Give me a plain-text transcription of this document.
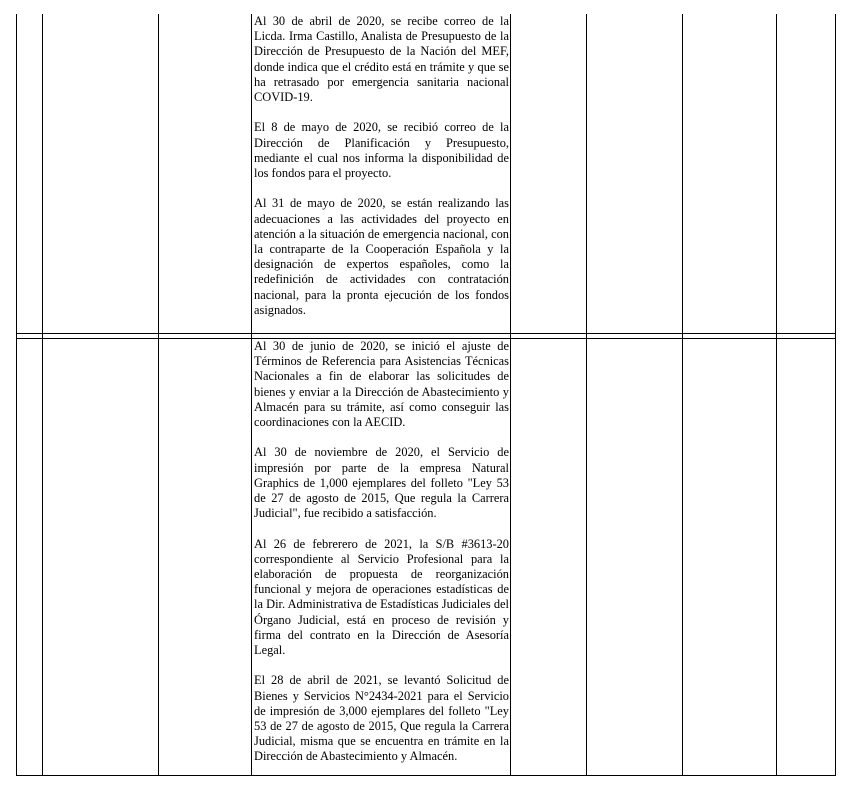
Al 30 de abril de 2020, se recibe correo de la Licda. Irma Castillo, Analista de Presupuesto de la Dirección de Presupuesto de la Nación del MEF, donde indica que el crédito está en trámite y que se ha retrasado por emergencia sanitaria nacional COVID-19.

El 8 de mayo de 2020, se recibió correo de la Dirección de Planificación y Presupuesto, mediante el cual nos informa la disponibilidad de los fondos para el proyecto.

Al 31 de mayo de 2020, se están realizando las adecuaciones a las actividades del proyecto en atención a la situación de emergencia nacional, con la contraparte de la Cooperación Española y la designación de expertos españoles, como la redefinición de actividades con contratación nacional, para la pronta ejecución de los fondos asignados.

Al 30 de junio de 2020, se inició el ajuste de Términos de Referencia para Asistencias Técnicas Nacionales a fin de elaborar las solicitudes de bienes y enviar a la Dirección de Abastecimiento y Almacén para su trámite, así como conseguir las coordinaciones con la AECID.

Al 30 de noviembre de 2020, el Servicio de impresión por parte de la empresa Natural Graphics de 1,000 ejemplares del folleto "Ley 53 de 27 de agosto de 2015, Que regula la Carrera Judicial", fue recibido a satisfacción.

Al 26 de febrerero de 2021, la S/B #3613-20 correspondiente al Servicio Profesional para la elaboración de propuesta de reorganización funcional y mejora de operaciones estadísticas de la Dir. Administrativa de Estadísticas Judiciales del Órgano Judicial, está en proceso de revisión y firma del contrato en la Dirección de Asesoría Legal.

El 28 de abril de 2021, se levantó Solicitud de Bienes y Servicios N°2434-2021 para el Servicio de impresión de 3,000 ejemplares del folleto "Ley 53 de 27 de agosto de 2015, Que regula la Carrera Judicial, misma que se encuentra en trámite en la Dirección de Abastecimiento y Almacén.
